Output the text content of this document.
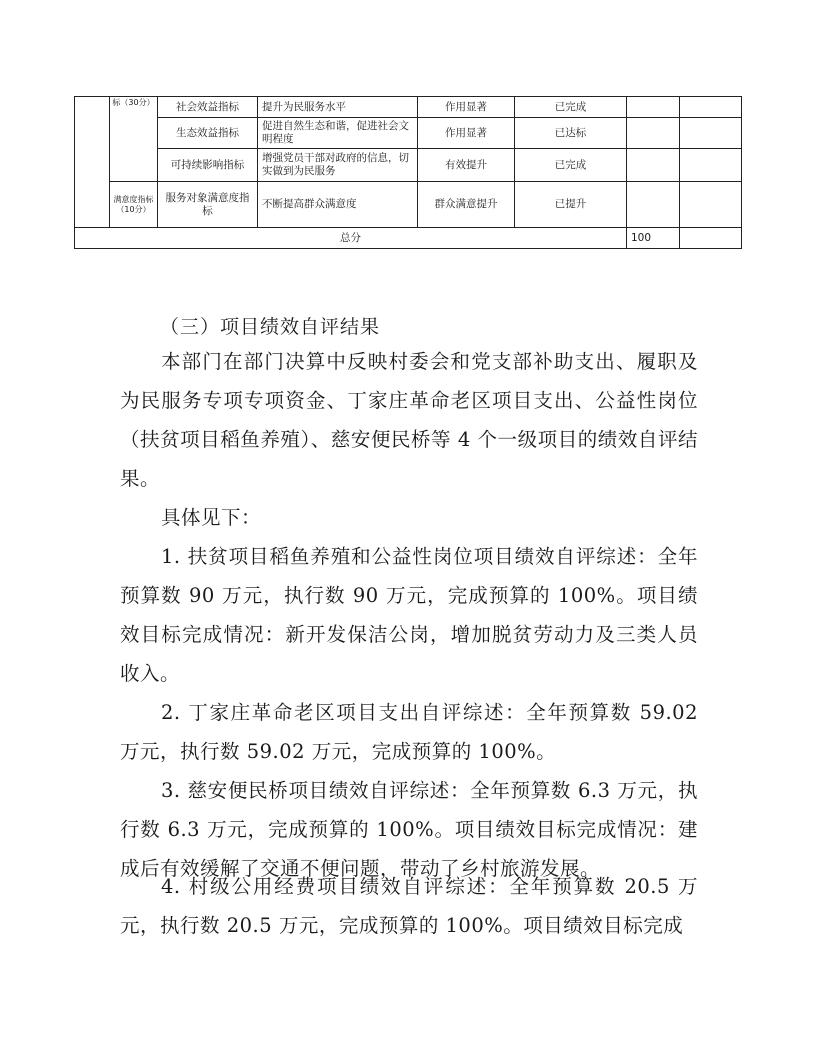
	标（30分）	社会效益指标	提升为民服务水平	作用显著	已完成		
		生态效益指标	促进自然生态和谐，促进社会文明程度	作用显著	已达标		
		可持续影响指标	增强党员干部对政府的信息，切实做到为民服务	有效提升	已完成		
	满意度指标（10分）	服务对象满意度指标	不断提高群众满意度	群众满意提升	已提升		
总分						100	
（三）项目绩效自评结果

本部门在部门决算中反映村委会和党支部补助支出、履职及为民服务专项专项资金、丁家庄革命老区项目支出、公益性岗位（扶贫项目稻鱼养殖）、慈安便民桥等 4 个一级项目的绩效自评结果。

具体见下：

1. 扶贫项目稻鱼养殖和公益性岗位项目绩效自评综述：全年预算数 90 万元，执行数 90 万元，完成预算的 100%。项目绩效目标完成情况：新开发保洁公岗，增加脱贫劳动力及三类人员收入。

2. 丁家庄革命老区项目支出自评综述：全年预算数 59.02 万元，执行数 59.02 万元，完成预算的 100%。

3. 慈安便民桥项目绩效自评综述：全年预算数 6.3 万元，执行数 6.3 万元，完成预算的 100%。项目绩效目标完成情况：建成后有效缓解了交通不便问题，带动了乡村旅游发展。

4. 村级公用经费项目绩效自评综述：全年预算数 20.5 万元，执行数 20.5 万元，完成预算的 100%。项目绩效目标完成
